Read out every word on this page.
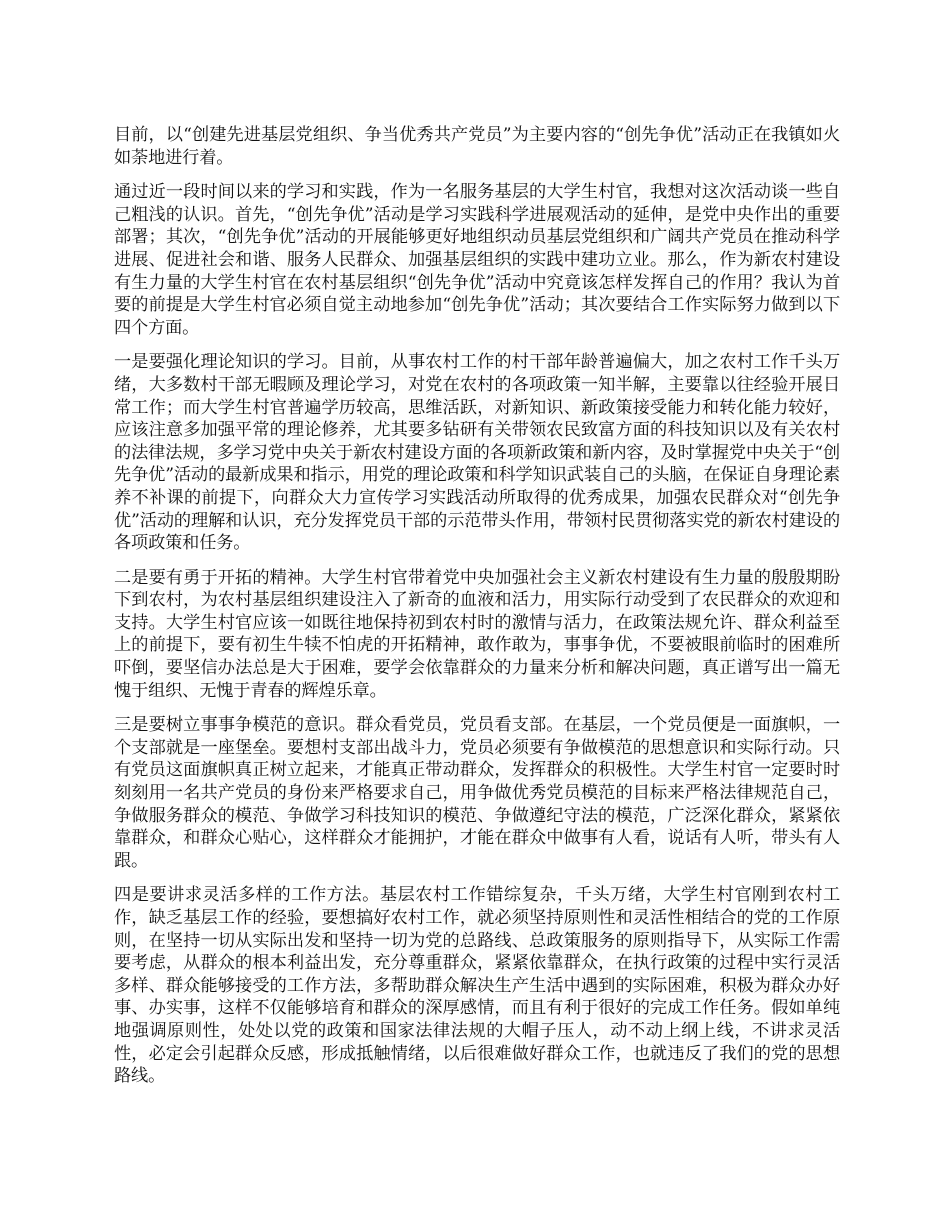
目前，以“创建先进基层党组织、争当优秀共产党员”为主要内容的“创先争优”活动正在我镇如火如荼地进行着。

通过近一段时间以来的学习和实践，作为一名服务基层的大学生村官，我想对这次活动谈一些自己粗浅的认识。首先，“创先争优”活动是学习实践科学进展观活动的延伸，是党中央作出的重要部署；其次，“创先争优”活动的开展能够更好地组织动员基层党组织和广阔共产党员在推动科学进展、促进社会和谐、服务人民群众、加强基层组织的实践中建功立业。那么，作为新农村建设有生力量的大学生村官在农村基层组织“创先争优”活动中究竟该怎样发挥自己的作用？我认为首要的前提是大学生村官必须自觉主动地参加“创先争优”活动；其次要结合工作实际努力做到以下四个方面。

一是要强化理论知识的学习。目前，从事农村工作的村干部年龄普遍偏大，加之农村工作千头万绪，大多数村干部无暇顾及理论学习，对党在农村的各项政策一知半解，主要靠以往经验开展日常工作；而大学生村官普遍学历较高，思维活跃，对新知识、新政策接受能力和转化能力较好，应该注意多加强平常的理论修养，尤其要多钻研有关带领农民致富方面的科技知识以及有关农村的法律法规，多学习党中央关于新农村建设方面的各项新政策和新内容，及时掌握党中央关于“创先争优”活动的最新成果和指示，用党的理论政策和科学知识武装自己的头脑，在保证自身理论素养不补课的前提下，向群众大力宣传学习实践活动所取得的优秀成果，加强农民群众对“创先争优”活动的理解和认识，充分发挥党员干部的示范带头作用，带领村民贯彻落实党的新农村建设的各项政策和任务。

二是要有勇于开拓的精神。大学生村官带着党中央加强社会主义新农村建设有生力量的殷殷期盼下到农村，为农村基层组织建设注入了新奇的血液和活力，用实际行动受到了农民群众的欢迎和支持。大学生村官应该一如既往地保持初到农村时的激情与活力，在政策法规允许、群众利益至上的前提下，要有初生牛犊不怕虎的开拓精神，敢作敢为，事事争优，不要被眼前临时的困难所吓倒，要坚信办法总是大于困难，要学会依靠群众的力量来分析和解决问题，真正谱写出一篇无愧于组织、无愧于青春的辉煌乐章。

三是要树立事事争模范的意识。群众看党员，党员看支部。在基层，一个党员便是一面旗帜，一个支部就是一座堡垒。要想村支部出战斗力，党员必须要有争做模范的思想意识和实际行动。只有党员这面旗帜真正树立起来，才能真正带动群众，发挥群众的积极性。大学生村官一定要时时刻刻用一名共产党员的身份来严格要求自己，用争做优秀党员模范的目标来严格法律规范自己，争做服务群众的模范、争做学习科技知识的模范、争做遵纪守法的模范，广泛深化群众，紧紧依靠群众，和群众心贴心，这样群众才能拥护，才能在群众中做事有人看，说话有人听，带头有人跟。

四是要讲求灵活多样的工作方法。基层农村工作错综复杂，千头万绪，大学生村官刚到农村工作，缺乏基层工作的经验，要想搞好农村工作，就必须坚持原则性和灵活性相结合的党的工作原则，在坚持一切从实际出发和坚持一切为党的总路线、总政策服务的原则指导下，从实际工作需要考虑，从群众的根本利益出发，充分尊重群众，紧紧依靠群众，在执行政策的过程中实行灵活多样、群众能够接受的工作方法，多帮助群众解决生产生活中遇到的实际困难，积极为群众办好事、办实事，这样不仅能够培育和群众的深厚感情，而且有利于很好的完成工作任务。假如单纯地强调原则性，处处以党的政策和国家法律法规的大帽子压人，动不动上纲上线，不讲求灵活性，必定会引起群众反感，形成抵触情绪，以后很难做好群众工作，也就违反了我们的党的思想路线。
